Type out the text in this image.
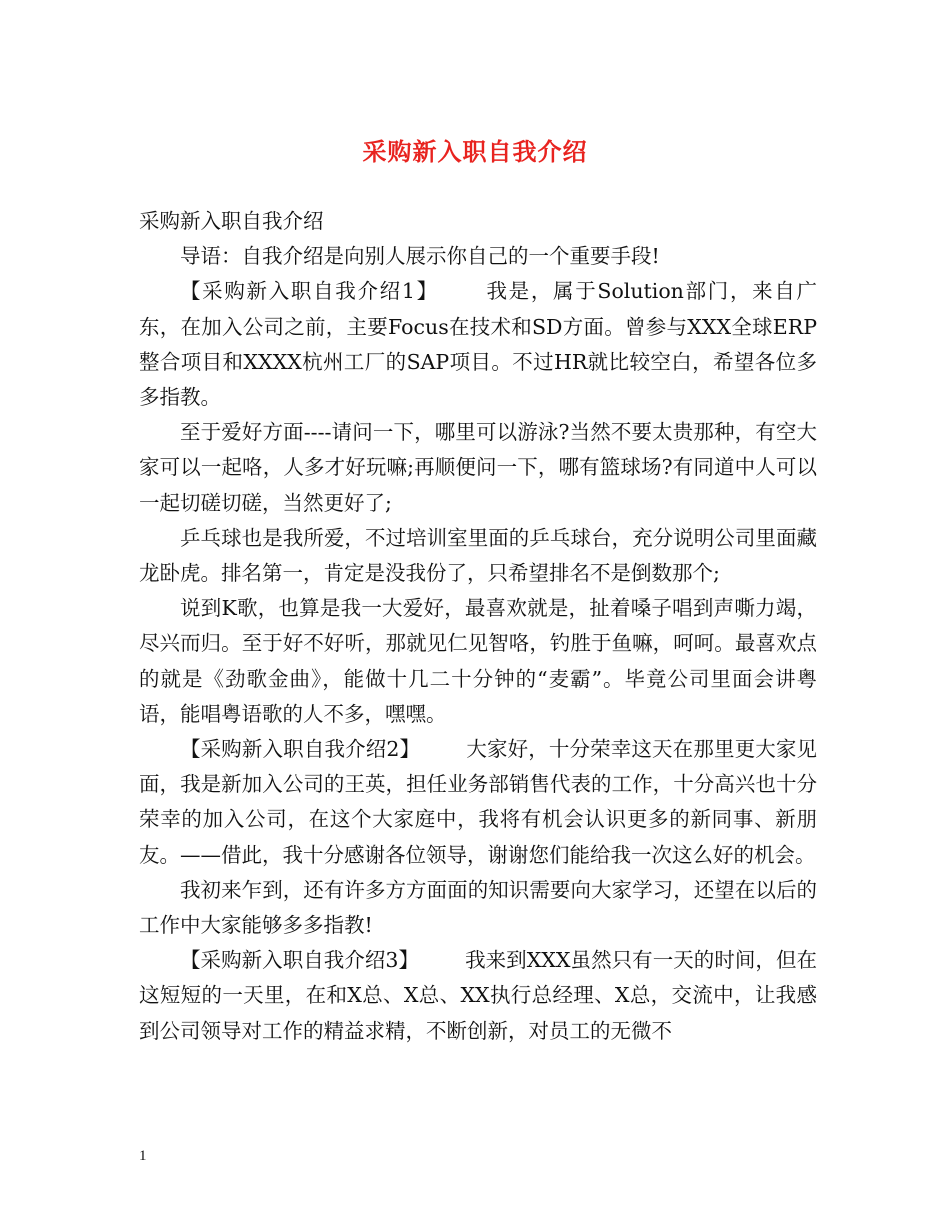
采购新入职自我介绍

采购新入职自我介绍

导语：自我介绍是向别人展示你自己的一个重要手段!

【采购新入职自我介绍1】 我是，属于Solution部门，来自广东，在加入公司之前，主要Focus在技术和SD方面。曾参与XXX全球ERP整合项目和XXXX杭州工厂的SAP项目。不过HR就比较空白，希望各位多多指教。

至于爱好方面----请问一下，哪里可以游泳?当然不要太贵那种，有空大家可以一起咯，人多才好玩嘛;再顺便问一下，哪有篮球场?有同道中人可以一起切磋切磋，当然更好了;

乒乓球也是我所爱，不过培训室里面的乒乓球台，充分说明公司里面藏龙卧虎。排名第一，肯定是没我份了，只希望排名不是倒数那个;

说到K歌，也算是我一大爱好，最喜欢就是，扯着嗓子唱到声嘶力竭，尽兴而归。至于好不好听，那就见仁见智咯，钓胜于鱼嘛，呵呵。最喜欢点的就是《劲歌金曲》，能做十几二十分钟的“麦霸”。毕竟公司里面会讲粤语，能唱粤语歌的人不多，嘿嘿。

【采购新入职自我介绍2】 大家好，十分荣幸这天在那里更大家见面，我是新加入公司的王英，担任业务部销售代表的工作，十分高兴也十分荣幸的加入公司，在这个大家庭中，我将有机会认识更多的新同事、新朋友。——借此，我十分感谢各位领导，谢谢您们能给我一次这么好的机会。

我初来乍到，还有许多方方面面的知识需要向大家学习，还望在以后的工作中大家能够多多指教!

【采购新入职自我介绍3】 我来到XXX虽然只有一天的时间，但在这短短的一天里，在和X总、X总、XX执行总经理、X总，交流中，让我感到公司领导对工作的精益求精，不断创新，对员工的无微不

1
